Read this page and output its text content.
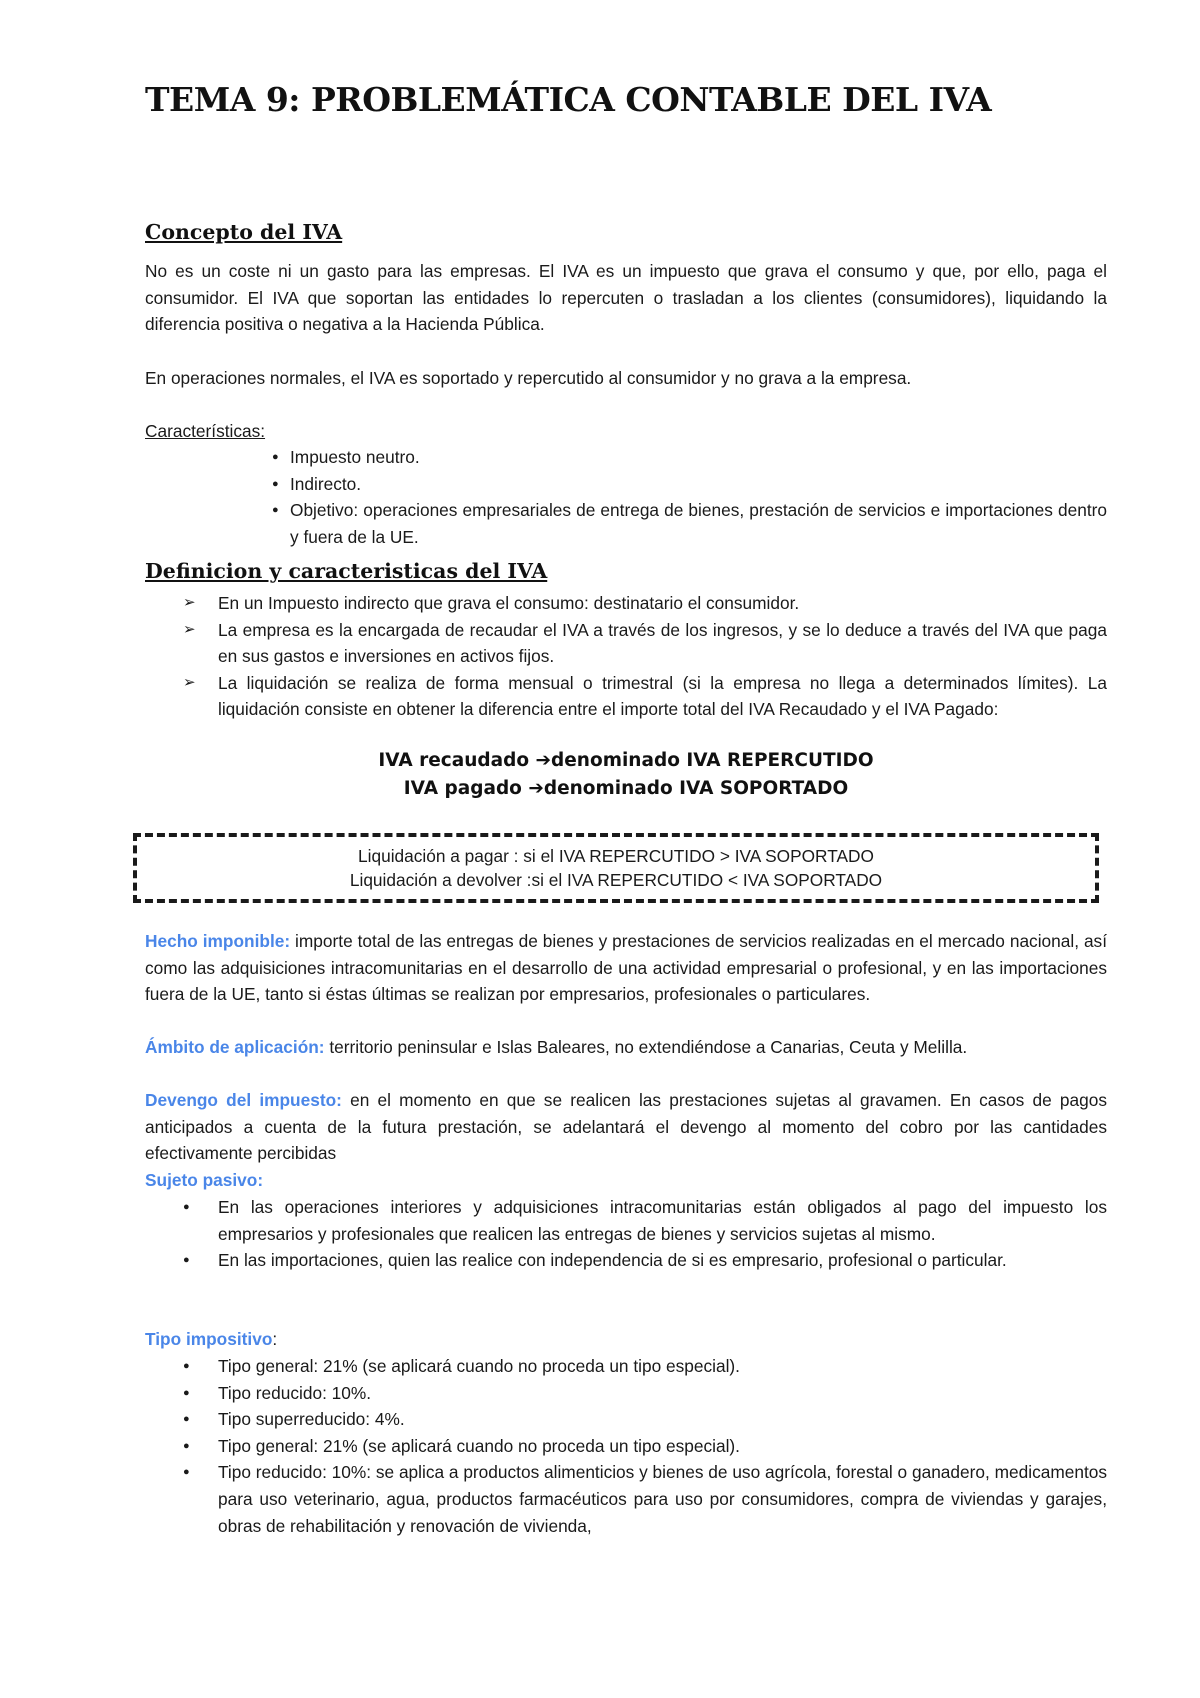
TEMA 9: PROBLEMÁTICA CONTABLE DEL IVA
Concepto del IVA
No es un coste ni un gasto para las empresas. El IVA es un impuesto que grava el consumo y que, por ello, paga el consumidor. El IVA que soportan las entidades lo repercuten o trasladan a los clientes (consumidores), liquidando la diferencia positiva o negativa a la Hacienda Pública.
En operaciones normales, el IVA es soportado y repercutido al consumidor y no grava a la empresa.
Características:
● Impuesto neutro.
● Indirecto.
● Objetivo: operaciones empresariales de entrega de bienes, prestación de servicios e importaciones dentro y fuera de la UE.
Definicion y caracteristicas del IVA
➢ En un Impuesto indirecto que grava el consumo: destinatario el consumidor.
➢ La empresa es la encargada de recaudar el IVA a través de los ingresos, y se lo deduce a través del IVA que paga en sus gastos e inversiones en activos fijos.
➢ La liquidación se realiza de forma mensual o trimestral (si la empresa no llega a determinados límites). La liquidación consiste en obtener la diferencia entre el importe total del IVA Recaudado y el IVA Pagado:
IVA recaudado ➔denominado IVA REPERCUTIDO
IVA pagado ➔denominado IVA SOPORTADO
Liquidación a pagar : si el IVA REPERCUTIDO > IVA SOPORTADO
Liquidación a devolver :si el IVA REPERCUTIDO < IVA SOPORTADO
Hecho imponible: importe total de las entregas de bienes y prestaciones de servicios realizadas en el mercado nacional, así como las adquisiciones intracomunitarias en el desarrollo de una actividad empresarial o profesional, y en las importaciones fuera de la UE, tanto si éstas últimas se realizan por empresarios, profesionales o particulares.
Ámbito de aplicación: territorio peninsular e Islas Baleares, no extendiéndose a Canarias, Ceuta y Melilla.
Devengo del impuesto: en el momento en que se realicen las prestaciones sujetas al gravamen. En casos de pagos anticipados a cuenta de la futura prestación, se adelantará el devengo al momento del cobro por las cantidades efectivamente percibidas
Sujeto pasivo:
● En las operaciones interiores y adquisiciones intracomunitarias están obligados al pago del impuesto los empresarios y profesionales que realicen las entregas de bienes y servicios sujetas al mismo.
● En las importaciones, quien las realice con independencia de si es empresario, profesional o particular.
Tipo impositivo:
● Tipo general: 21% (se aplicará cuando no proceda un tipo especial).
● Tipo reducido: 10%.
● Tipo superreducido: 4%.
● Tipo general: 21% (se aplicará cuando no proceda un tipo especial).
● Tipo reducido: 10%: se aplica a productos alimenticios y bienes de uso agrícola, forestal o ganadero, medicamentos para uso veterinario, agua, productos farmacéuticos para uso por consumidores, compra de viviendas y garajes, obras de rehabilitación y renovación de vivienda,
